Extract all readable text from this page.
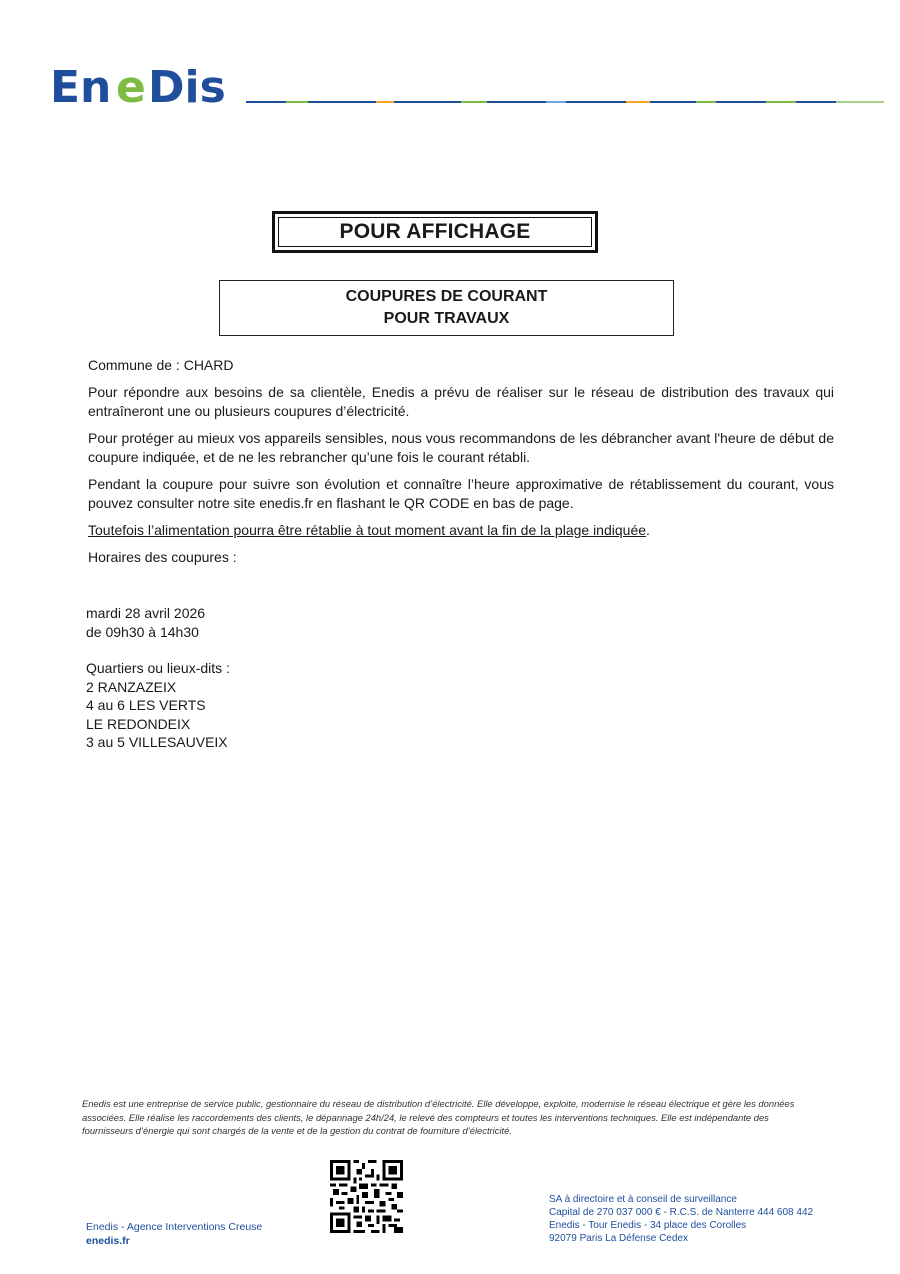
En Dis
e
POUR AFFICHAGE
COUPURES DE COURANT
POUR TRAVAUX
Commune de : CHARD
Pour répondre aux besoins de sa clientèle, Enedis a prévu de réaliser sur le réseau de distribution des travaux qui entraîneront une ou plusieurs coupures d’électricité.
Pour protéger au mieux vos appareils sensibles, nous vous recommandons de les débrancher avant l'heure de début de coupure indiquée, et de ne les rebrancher qu’une fois le courant rétabli.
Pendant la coupure pour suivre son évolution et connaître l’heure approximative de rétablissement du courant, vous pouvez consulter notre site enedis.fr en flashant le QR CODE en bas de page.
Toutefois l’alimentation pourra être rétablie à tout moment avant la fin de la plage indiquée.
Horaires des coupures :
mardi 28 avril 2026
de 09h30 à 14h30
Quartiers ou lieux-dits :
2 RANZAZEIX
4 au 6 LES VERTS
LE REDONDEIX
3 au 5 VILLESAUVEIX
Enedis est une entreprise de service public, gestionnaire du réseau de distribution d’électricité. Elle développe, exploite, modernise le réseau électrique et gère les données associées. Elle réalise les raccordements des clients, le dépannage 24h/24, le relevé des compteurs et toutes les interventions techniques. Elle est indépendante des fournisseurs d’énergie qui sont chargés de la vente et de la gestion du contrat de fourniture d’électricité.
Enedis - Agence Interventions Creuse
enedis.fr
SA à directoire et à conseil de surveillance
Capital de 270 037 000 € - R.C.S. de Nanterre 444 608 442
Enedis - Tour Enedis - 34 place des Corolles
92079 Paris La Défense Cedex
